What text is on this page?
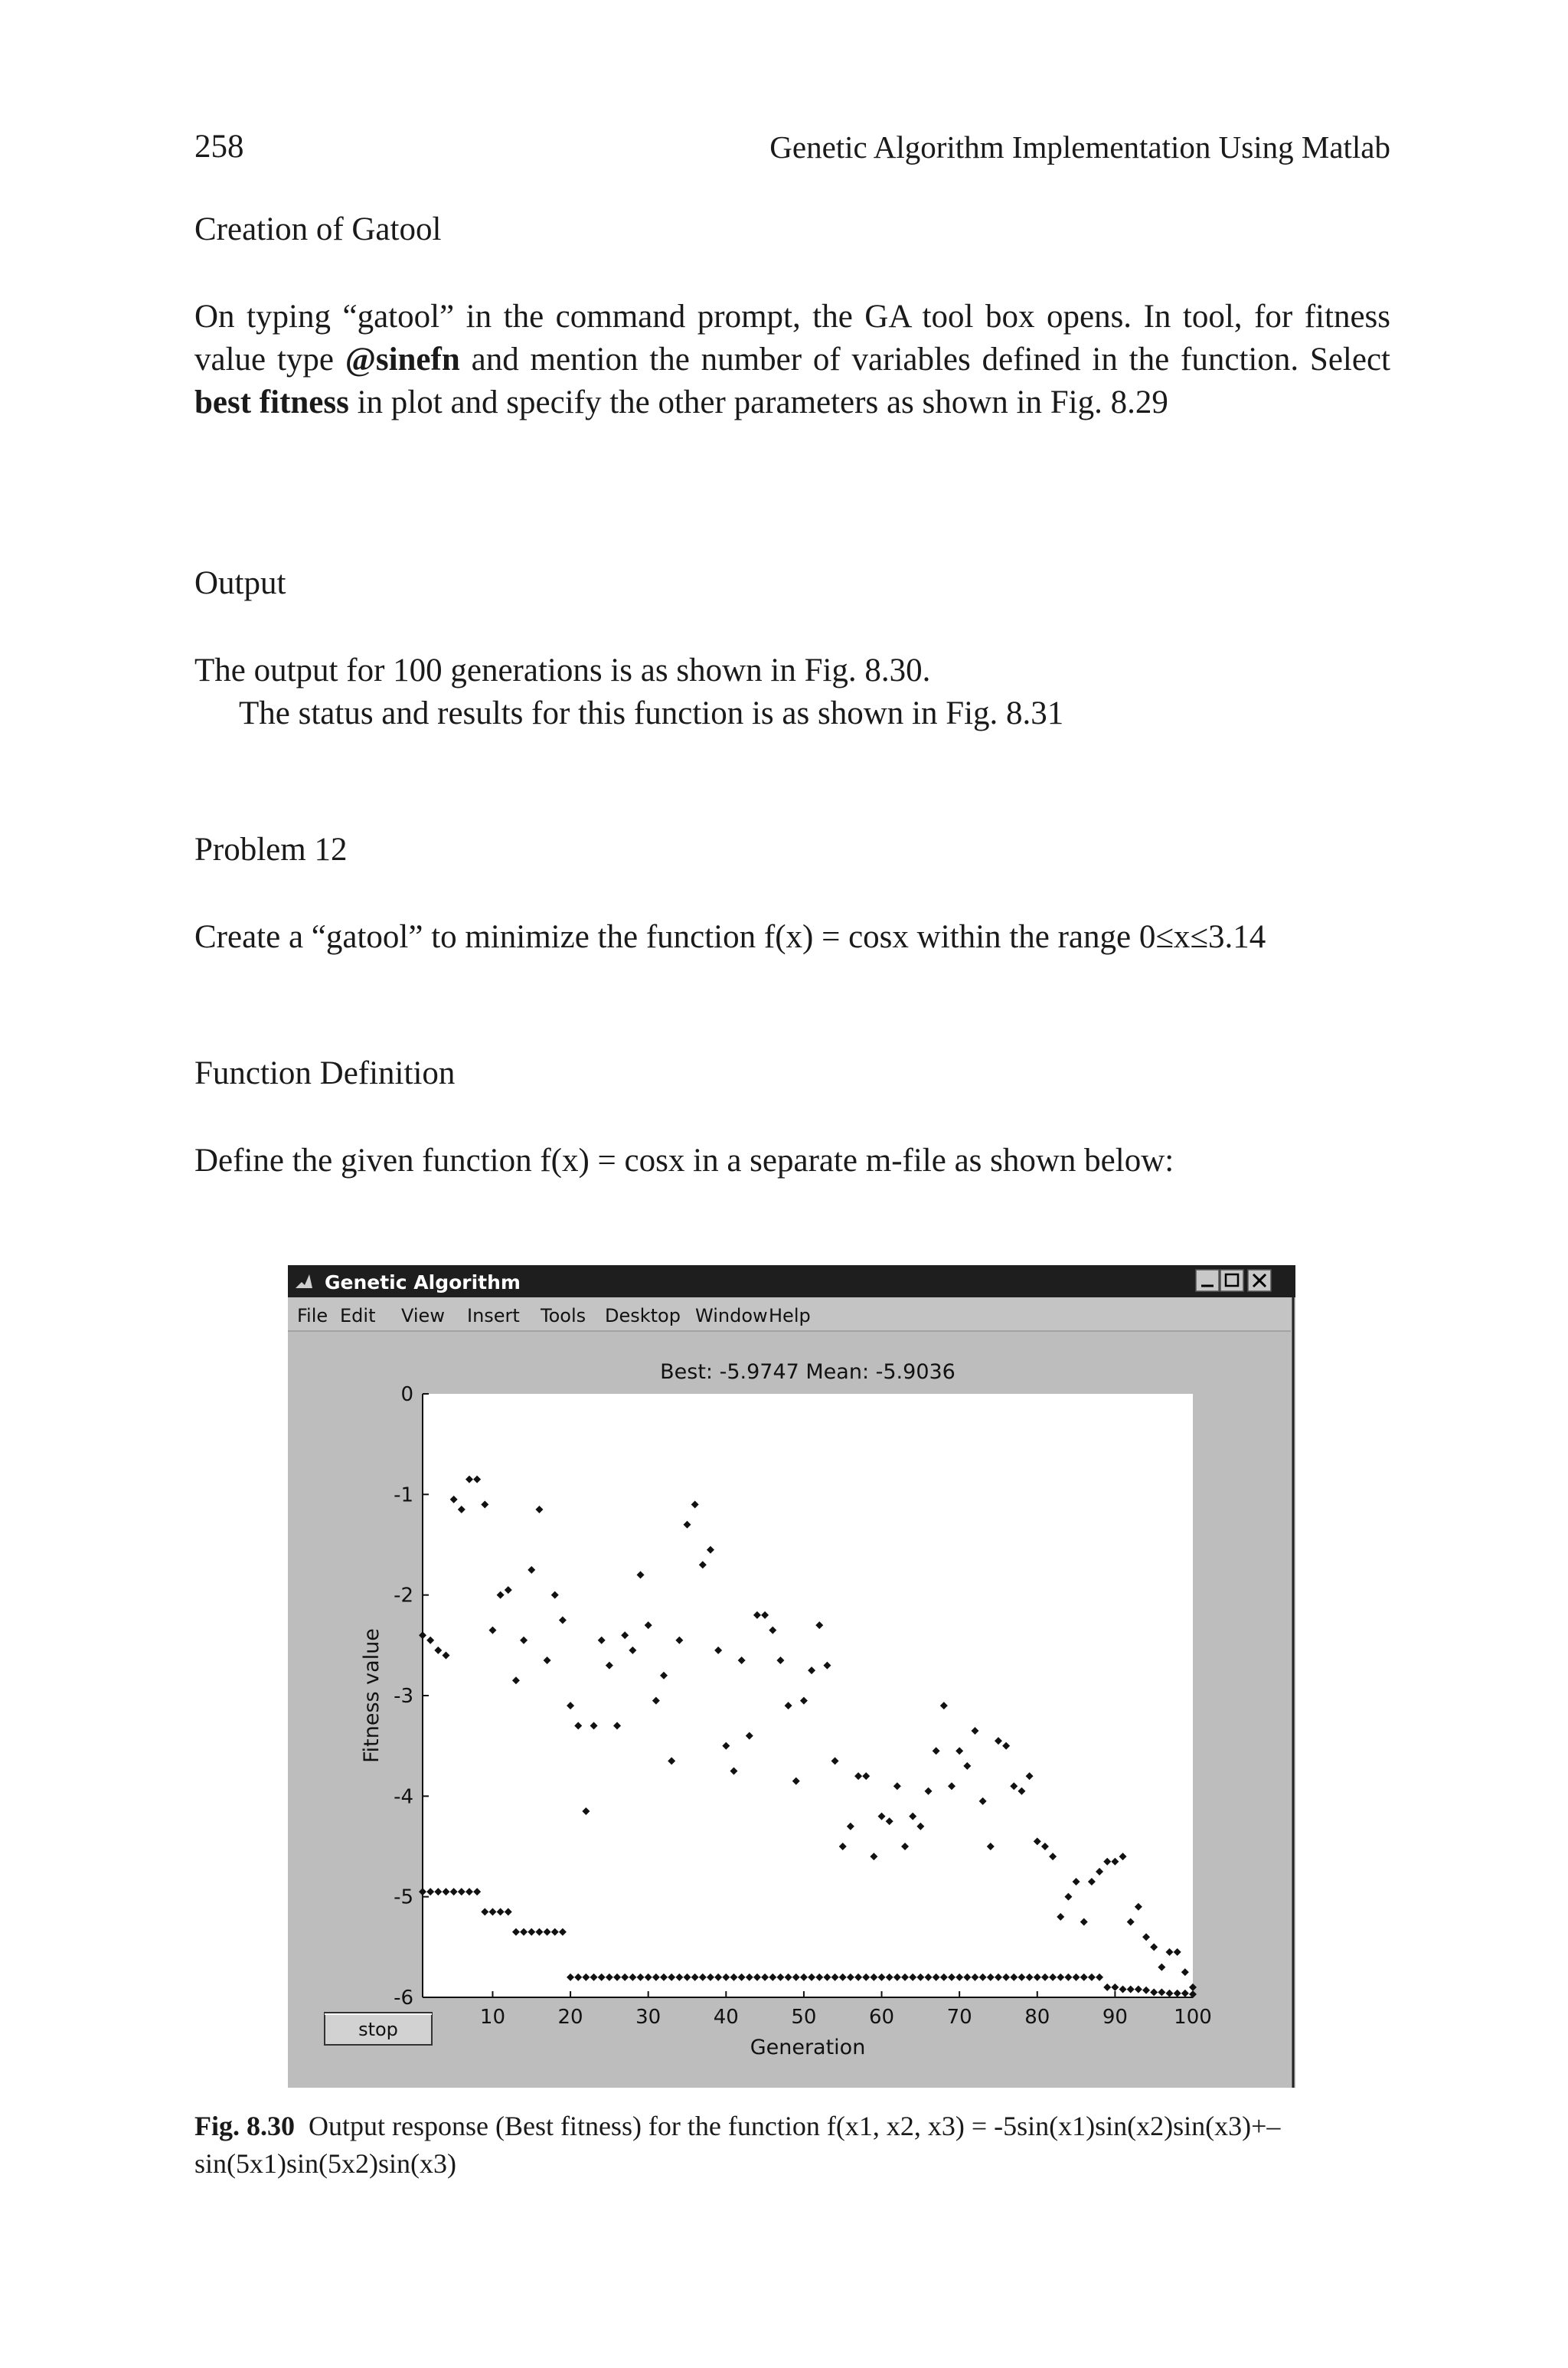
258	Genetic Algorithm Implementation Using Matlab
Creation of Gatool
On typing “gatool” in the command prompt, the GA tool box opens. In tool, for fitness value type @sinefn and mention the number of variables defined in the function. Select best fitness in plot and specify the other parameters as shown in Fig. 8.29
Output
The output for 100 generations is as shown in Fig. 8.30.
The status and results for this function is as shown in Fig. 8.31
Problem 12
Create a “gatool” to minimize the function f(x) = cosx within the range 0≤x≤3.14
Function Definition
Define the given function f(x) = cosx in a separate m-file as shown below:
Genetic Algorithm
File Edit View Insert Tools Desktop Window Help
Best: -5.9747 Mean: -5.9036
0
-1
-2
-3
-4
-5
-6
10	20	30	40	50	60	70	80	90 100
Generation
Fitness value
stop
Fig. 8.30 Output response (Best fitness) for the function f(x1, x2, x3) = -5sin(x1)sin(x2)sin(x3)+–sin(5x1)sin(5x2)sin(x3)
